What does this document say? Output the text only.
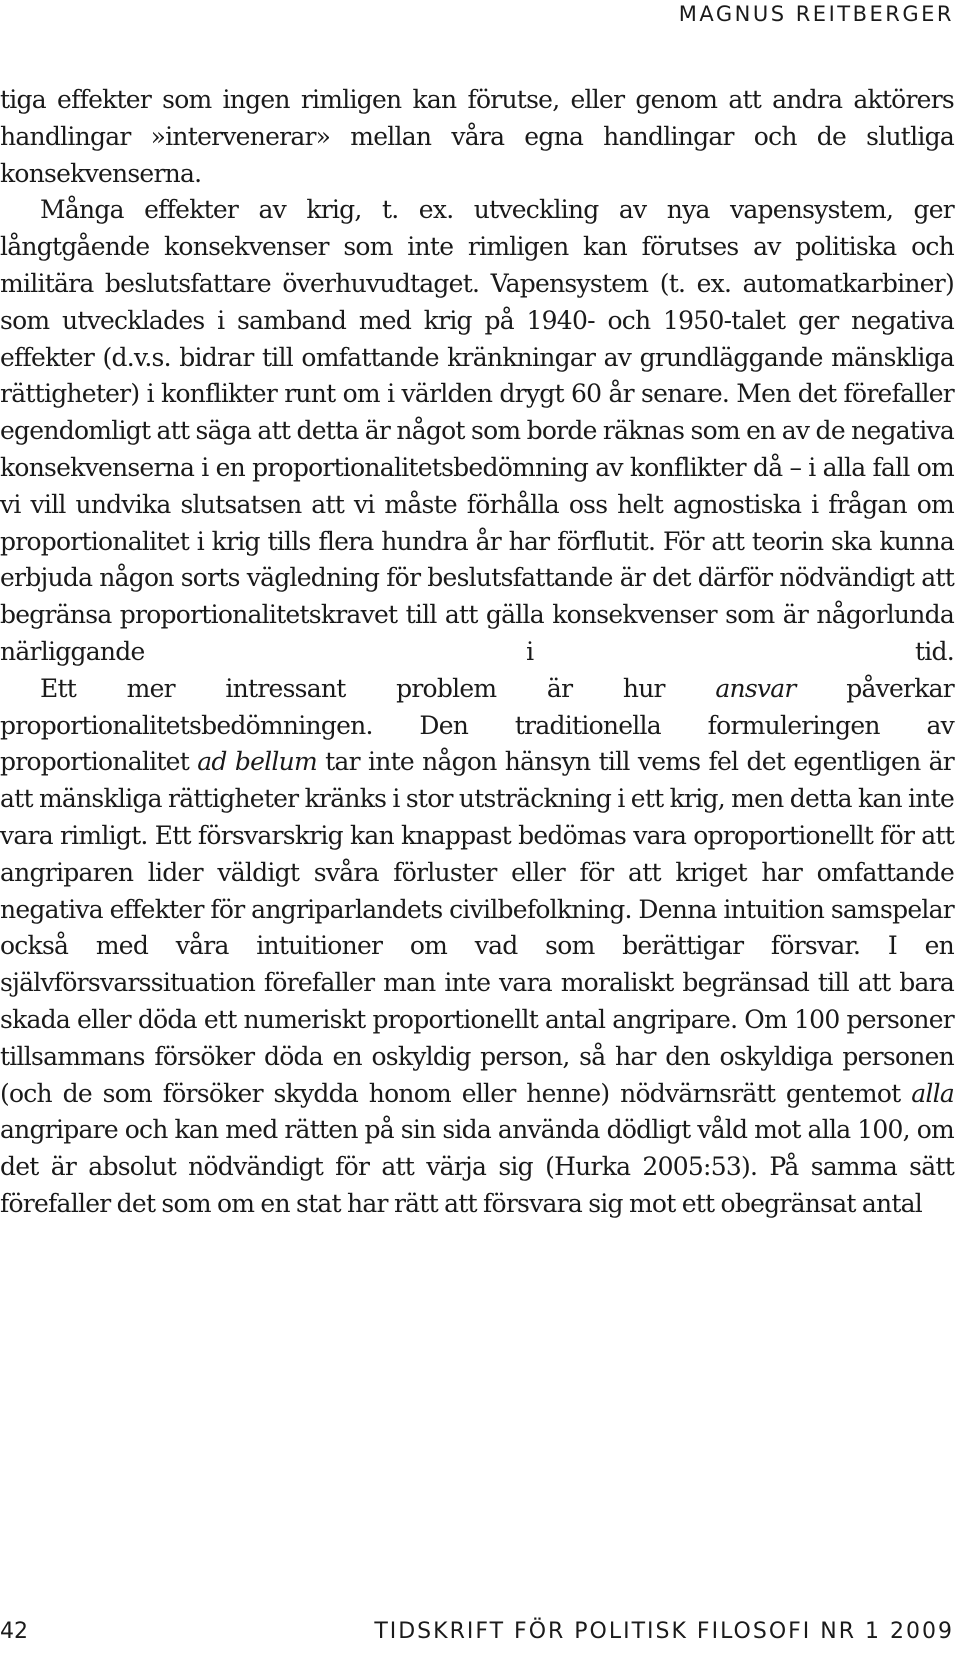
MAGNUS REITBERGER

tiga effekter som ingen rimligen kan förutse, eller genom att andra aktörers handlingar »intervenerar» mellan våra egna handlingar och de slutliga konsekvenserna.

Många effekter av krig, t. ex. utveckling av nya vapensystem, ger långtgående konsekvenser som inte rimligen kan förutses av politiska och militära beslutsfattare överhuvudtaget. Vapensystem (t. ex. automatkarbiner) som utvecklades i samband med krig på 1940- och 1950-talet ger negativa effekter (d.v.s. bidrar till omfattande kränkningar av grundläggande mänskliga rättigheter) i konflikter runt om i världen drygt 60 år senare. Men det förefaller egendomligt att säga att detta är något som borde räknas som en av de negativa konsekvenserna i en proportionalitetsbedömning av konflikter då – i alla fall om vi vill undvika slutsatsen att vi måste förhålla oss helt agnostiska i frågan om proportionalitet i krig tills flera hundra år har förflutit. För att teorin ska kunna erbjuda någon sorts vägledning för beslutsfattande är det därför nödvändigt att begränsa proportionalitetskravet till att gälla konsekvenser som är någorlunda närliggande i tid.

Ett mer intressant problem är hur ansvar påverkar proportionalitetsbedömningen. Den traditionella formuleringen av proportionalitet ad bellum tar inte någon hänsyn till vems fel det egentligen är att mänskliga rättigheter kränks i stor utsträckning i ett krig, men detta kan inte vara rimligt. Ett försvarskrig kan knappast bedömas vara oproportionellt för att angriparen lider väldigt svåra förluster eller för att kriget har omfattande negativa effekter för angriparlandets civilbefolkning. Denna intuition samspelar också med våra intuitioner om vad som berättigar försvar. I en självförsvarssituation förefaller man inte vara moraliskt begränsad till att bara skada eller döda ett numeriskt proportionellt antal angripare. Om 100 personer tillsammans försöker döda en oskyldig person, så har den oskyldiga personen (och de som försöker skydda honom eller henne) nödvärnsrätt gentemot alla angripare och kan med rätten på sin sida använda dödligt våld mot alla 100, om det är absolut nödvändigt för att värja sig (Hurka 2005:53). På samma sätt förefaller det som om en stat har rätt att försvara sig mot ett obegränsat antal

42	TIDSKRIFT FÖR POLITISK FILOSOFI NR 1 2009
